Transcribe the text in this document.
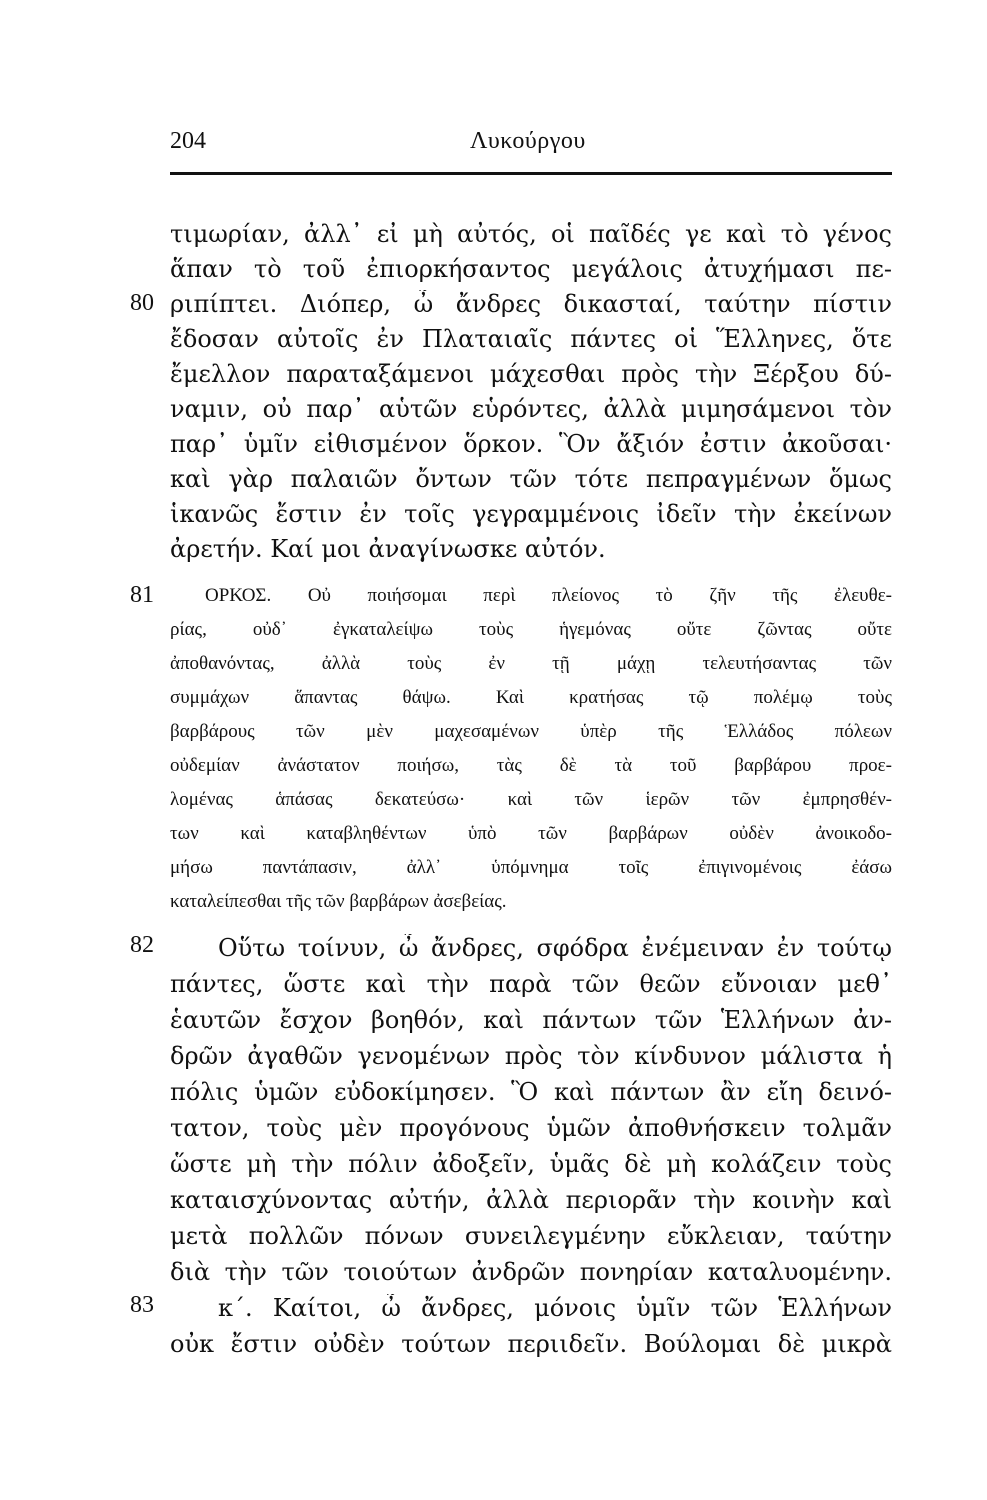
204	Λυκούργου
80
81
82
83
τιμωρίαν, ἀλλ᾽ εἰ μὴ αὐτός, οἱ παῖδές γε καὶ τὸ γένος
ἅπαν τὸ τοῦ ἐπιορκήσαντος μεγάλοις ἀτυχήμασι πε-
ριπίπτει. Διόπερ, ὦ ἄνδρες δικασταί, ταύτην πίστιν
ἔδοσαν αὐτοῖς ἐν Πλαταιαῖς πάντες οἱ Ἕλληνες, ὅτε
ἔμελλον παραταξάμενοι μάχεσθαι πρὸς τὴν Ξέρξου δύ-
ναμιν, οὐ παρ᾽ αὑτῶν εὑρόντες, ἀλλὰ μιμησάμενοι τὸν
παρ᾽ ὑμῖν εἰθισμένον ὅρκον. Ὃν ἄξιόν ἐστιν ἀκοῦσαι·
καὶ γὰρ παλαιῶν ὄντων τῶν τότε πεπραγμένων ὅμως
ἱκανῶς ἔστιν ἐν τοῖς γεγραμμένοις ἰδεῖν τὴν ἐκείνων
ἀρετήν. Καί μοι ἀναγίνωσκε αὐτόν.
ΟΡΚΟΣ. Οὐ ποιήσομαι περὶ πλείονος τὸ ζῆν τῆς ἐλευθε-
ρίας, οὐδ᾽ ἐγκαταλείψω τοὺς ἡγεμόνας οὔτε ζῶντας οὔτε
ἀποθανόντας, ἀλλὰ τοὺς ἐν τῇ μάχῃ τελευτήσαντας τῶν
συμμάχων ἅπαντας θάψω. Καὶ κρατήσας τῷ πολέμῳ τοὺς
βαρβάρους τῶν μὲν μαχεσαμένων ὑπὲρ τῆς Ἑλλάδος πόλεων
οὐδεμίαν ἀνάστατον ποιήσω, τὰς δὲ τὰ τοῦ βαρβάρου προε-
λομένας ἁπάσας δεκατεύσω· καὶ τῶν ἱερῶν τῶν ἐμπρησθέν-
των καὶ καταβληθέντων ὑπὸ τῶν βαρβάρων οὐδὲν ἀνοικοδο-
μήσω παντάπασιν, ἀλλ᾽ ὑπόμνημα τοῖς ἐπιγινομένοις ἐάσω
καταλείπεσθαι τῆς τῶν βαρβάρων ἀσεβείας.
Οὕτω τοίνυν, ὦ ἄνδρες, σφόδρα ἐνέμειναν ἐν τούτῳ
πάντες, ὥστε καὶ τὴν παρὰ τῶν θεῶν εὔνοιαν μεθ᾽
ἑαυτῶν ἔσχον βοηθόν, καὶ πάντων τῶν Ἑλλήνων ἀν-
δρῶν ἀγαθῶν γενομένων πρὸς τὸν κίνδυνον μάλιστα ἡ
πόλις ὑμῶν εὐδοκίμησεν. Ὃ καὶ πάντων ἂν εἴη δεινό-
τατον, τοὺς μὲν προγόνους ὑμῶν ἀποθνήσκειν τολμᾶν
ὥστε μὴ τὴν πόλιν ἀδοξεῖν, ὑμᾶς δὲ μὴ κολάζειν τοὺς
καταισχύνοντας αὐτήν, ἀλλὰ περιορᾶν τὴν κοινὴν καὶ
μετὰ πολλῶν πόνων συνειλεγμένην εὔκλειαν, ταύτην
διὰ τὴν τῶν τοιούτων ἀνδρῶν πονηρίαν καταλυομένην.
κ΄. Καίτοι, ὦ ἄνδρες, μόνοις ὑμῖν τῶν Ἑλλήνων
οὐκ ἔστιν οὐδὲν τούτων περιιδεῖν. Βούλομαι δὲ μικρὰ
